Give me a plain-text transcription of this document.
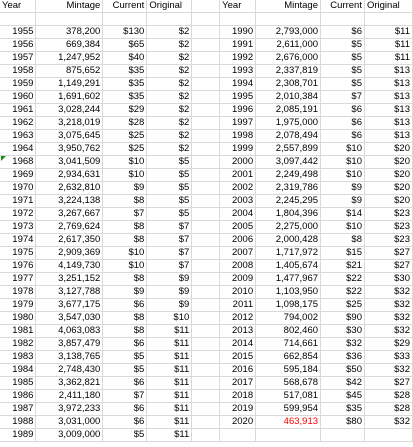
Year	Mintage	Current	Original		Year	Mintage	Current	Original

1955	378,200	$130	$2		1990	2,793,000	$6	$11
1956	669,384	$65	$2		1991	2,611,000	$5	$11
1957	1,247,952	$40	$2		1992	2,676,000	$5	$11
1958	875,652	$35	$2		1993	2,337,819	$5	$13
1959	1,149,291	$35	$2		1994	2,308,701	$5	$13
1960	1,691,602	$35	$2		1995	2,010,384	$7	$13
1961	3,028,244	$29	$2		1996	2,085,191	$6	$13
1962	3,218,019	$28	$2		1997	1,975,000	$6	$13
1963	3,075,645	$25	$2		1998	2,078,494	$6	$13
1964	3,950,762	$25	$2		1999	2,557,899	$10	$20
1968	3,041,509	$10	$5		2000	3,097,442	$10	$20
1969	2,934,631	$10	$5		2001	2,249,498	$10	$20
1970	2,632,810	$9	$5		2002	2,319,786	$9	$20
1971	3,224,138	$8	$5		2003	2,245,295	$9	$20
1972	3,267,667	$7	$5		2004	1,804,396	$14	$23
1973	2,769,624	$8	$7		2005	2,275,000	$10	$23
1974	2,617,350	$8	$7		2006	2,000,428	$8	$23
1975	2,909,369	$10	$7		2007	1,717,972	$15	$27
1976	4,149,730	$10	$7		2008	1,405,674	$21	$27
1977	3,251,152	$8	$9		2009	1,477,967	$22	$30
1978	3,127,788	$9	$9		2010	1,103,950	$22	$32
1979	3,677,175	$6	$9		2011	1,098,175	$25	$32
1980	3,547,030	$8	$10		2012	794,002	$90	$32
1981	4,063,083	$8	$11		2013	802,460	$30	$32
1982	3,857,479	$6	$11		2014	714,661	$32	$29
1983	3,138,765	$5	$11		2015	662,854	$36	$33
1984	2,748,430	$5	$11		2016	595,184	$50	$32
1985	3,362,821	$6	$11		2017	568,678	$42	$27
1986	2,411,180	$7	$11		2018	517,081	$45	$28
1987	3,972,233	$6	$11		2019	599,954	$35	$28
1988	3,031,000	$6	$11		2020	463,913	$80	$32
1989	3,009,000	$5	$11					
